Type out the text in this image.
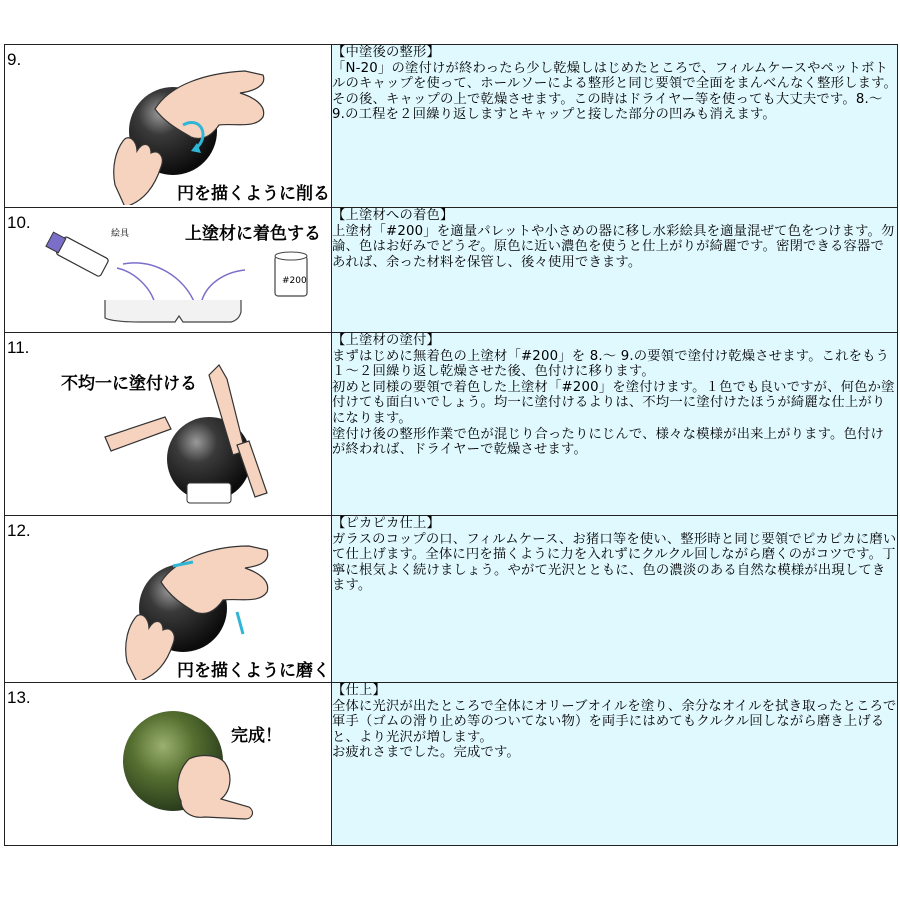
9.
円を描くように削る	【中塗後の整形】
「N-20」の塗付けが終わったら少し乾燥しはじめたところで、フィルムケースやペットボトルのキャップを使って、ホールソーによる整形と同じ要領で全面をまんべんなく整形します。その後、キャップの上で乾燥させます。この時はドライヤー等を使っても大丈夫です。8.〜 9.の工程を２回繰り返しますとキャップと接した部分の凹みも消えます。

10.
絵具
#200
上塗材に着色する	【上塗材への着色】
上塗材「#200」を適量パレットや小さめの器に移し水彩絵具を適量混ぜて色をつけます。勿論、色はお好みでどうぞ。原色に近い濃色を使うと仕上がりが綺麗です。密閉できる容器であれば、余った材料を保管し、後々使用できます。

11.
不均一に塗付ける	【上塗材の塗付】
まずはじめに無着色の上塗材「#200」を 8.〜 9.の要領で塗付け乾燥させます。これをもう１〜２回繰り返し乾燥させた後、色付けに移ります。
初めと同様の要領で着色した上塗材「#200」を塗付けます。１色でも良いですが、何色か塗付けても面白いでしょう。均一に塗付けるよりは、不均一に塗付けたほうが綺麗な仕上がりになります。
塗付け後の整形作業で色が混じり合ったりにじんで、様々な模様が出来上がります。色付けが終われば、ドライヤーで乾燥させます。

12.
円を描くように磨く	【ピカピカ仕上】
ガラスのコップの口、フィルムケース、お猪口等を使い、整形時と同じ要領でピカピカに磨いて仕上げます。全体に円を描くように力を入れずにクルクル回しながら磨くのがコツです。丁寧に根気よく続けましょう。やがて光沢とともに、色の濃淡のある自然な模様が出現してきます。

13.
完成！	【仕上】
全体に光沢が出たところで全体にオリーブオイルを塗り、余分なオイルを拭き取ったところで軍手（ゴムの滑り止め等のついてない物）を両手にはめてもクルクル回しながら磨き上げると、より光沢が増します。
お疲れさまでした。完成です。
